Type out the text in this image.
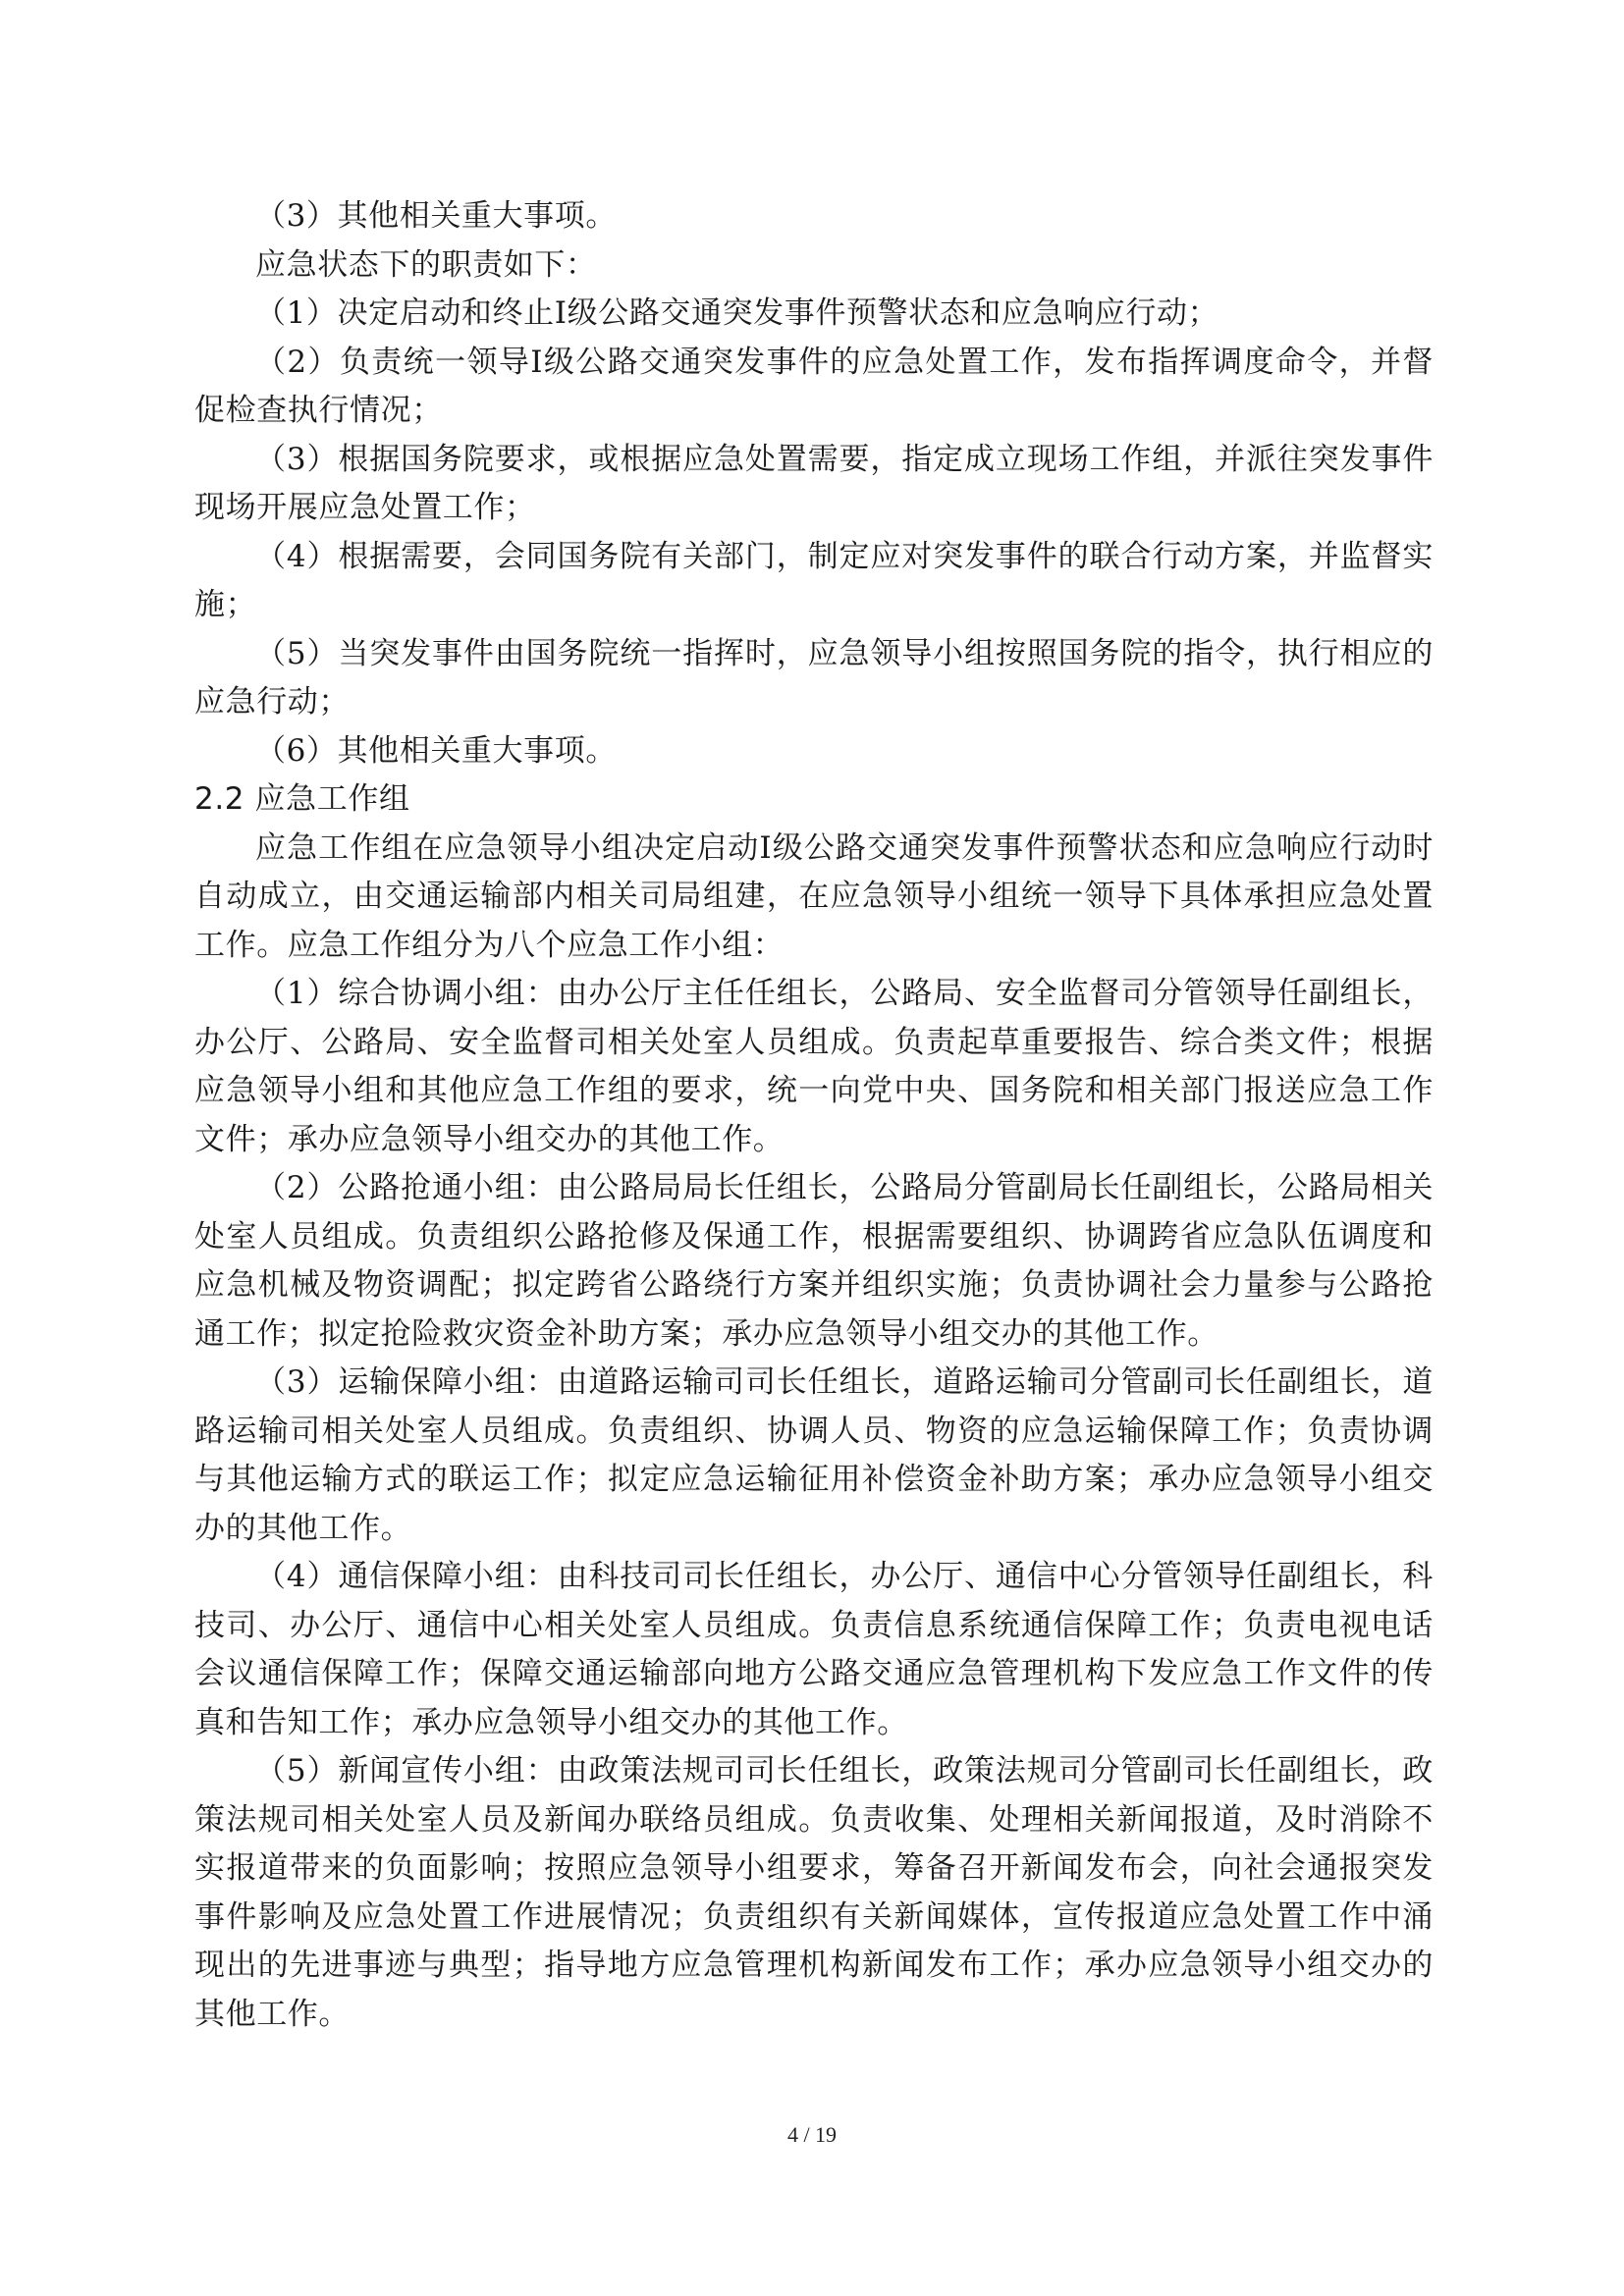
（3）其他相关重大事项。

应急状态下的职责如下：

（1）决定启动和终止Ⅰ级公路交通突发事件预警状态和应急响应行动；

（2）负责统一领导Ⅰ级公路交通突发事件的应急处置工作，发布指挥调度命令，并督促检查执行情况；

（3）根据国务院要求，或根据应急处置需要，指定成立现场工作组，并派往突发事件现场开展应急处置工作；

（4）根据需要，会同国务院有关部门，制定应对突发事件的联合行动方案，并监督实施；

（5）当突发事件由国务院统一指挥时，应急领导小组按照国务院的指令，执行相应的应急行动；

（6）其他相关重大事项。

2.2 应急工作组

应急工作组在应急领导小组决定启动Ⅰ级公路交通突发事件预警状态和应急响应行动时自动成立，由交通运输部内相关司局组建，在应急领导小组统一领导下具体承担应急处置工作。应急工作组分为八个应急工作小组：

（1）综合协调小组：由办公厅主任任组长，公路局、安全监督司分管领导任副组长，办公厅、公路局、安全监督司相关处室人员组成。负责起草重要报告、综合类文件；根据应急领导小组和其他应急工作组的要求，统一向党中央、国务院和相关部门报送应急工作文件；承办应急领导小组交办的其他工作。

（2）公路抢通小组：由公路局局长任组长，公路局分管副局长任副组长，公路局相关处室人员组成。负责组织公路抢修及保通工作，根据需要组织、协调跨省应急队伍调度和应急机械及物资调配；拟定跨省公路绕行方案并组织实施；负责协调社会力量参与公路抢通工作；拟定抢险救灾资金补助方案；承办应急领导小组交办的其他工作。

（3）运输保障小组：由道路运输司司长任组长，道路运输司分管副司长任副组长，道路运输司相关处室人员组成。负责组织、协调人员、物资的应急运输保障工作；负责协调与其他运输方式的联运工作；拟定应急运输征用补偿资金补助方案；承办应急领导小组交办的其他工作。

（4）通信保障小组：由科技司司长任组长，办公厅、通信中心分管领导任副组长，科技司、办公厅、通信中心相关处室人员组成。负责信息系统通信保障工作；负责电视电话会议通信保障工作；保障交通运输部向地方公路交通应急管理机构下发应急工作文件的传真和告知工作；承办应急领导小组交办的其他工作。

（5）新闻宣传小组：由政策法规司司长任组长，政策法规司分管副司长任副组长，政策法规司相关处室人员及新闻办联络员组成。负责收集、处理相关新闻报道，及时消除不实报道带来的负面影响；按照应急领导小组要求，筹备召开新闻发布会，向社会通报突发事件影响及应急处置工作进展情况；负责组织有关新闻媒体，宣传报道应急处置工作中涌现出的先进事迹与典型；指导地方应急管理机构新闻发布工作；承办应急领导小组交办的其他工作。

4 / 19
